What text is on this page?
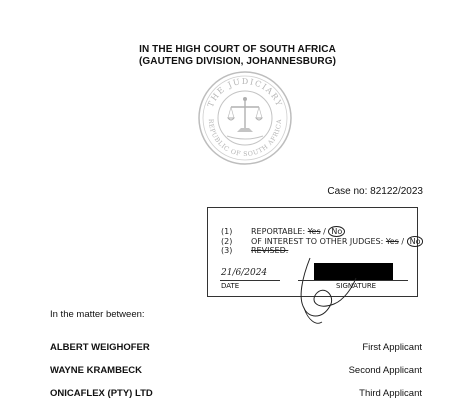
IN THE HIGH COURT OF SOUTH AFRICA
(GAUTENG DIVISION, JOHANNESBURG)
THE JUDICIARY
REPUBLIC OF SOUTH AFRICA
Case no: 82122/2023
(1) REPORTABLE: Yes / No
(2) OF INTEREST TO OTHER JUDGES: Yes / No
(3) REVISED.
21/6/2024
DATE	SIGNATURE
In the matter between:
ALBERT WEIGHOFER	First Applicant
WAYNE KRAMBECK	Second Applicant
ONICAFLEX (PTY) LTD	Third Applicant
